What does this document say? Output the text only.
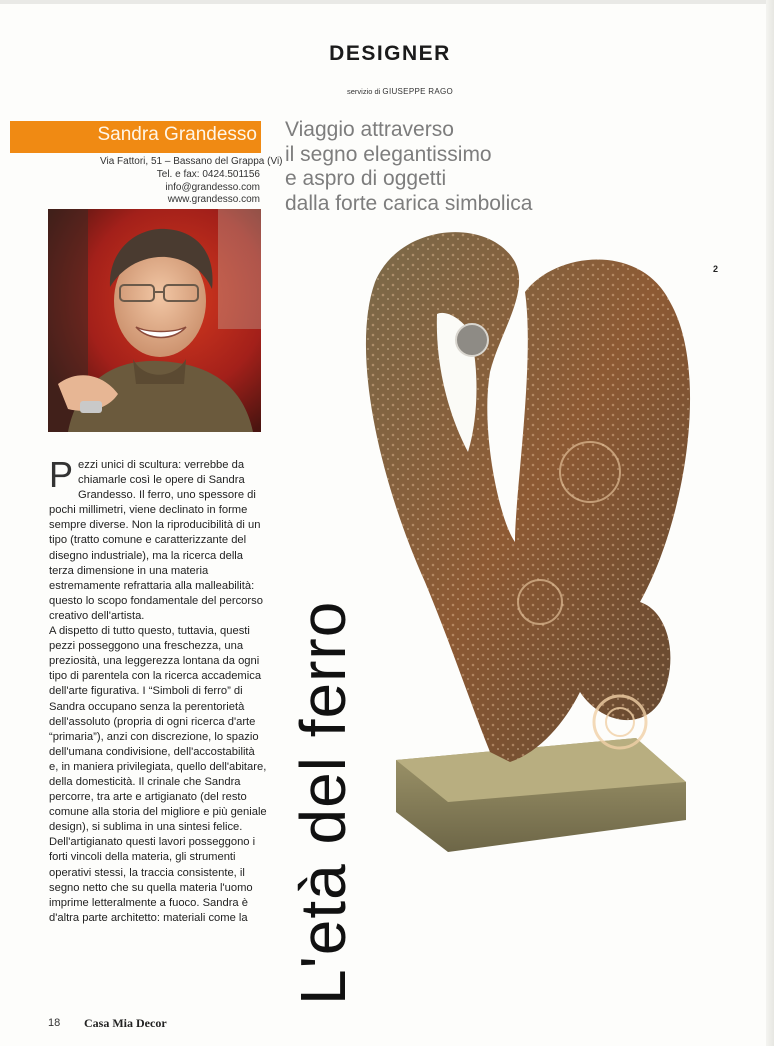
DESIGNER
servizio di GIUSEPPE RAGO
Sandra Grandesso
Via Fattori, 51 – Bassano del Grappa (Vi)
Tel. e fax: 0424.501156
info@grandesso.com
www.grandesso.com
Viaggio attraverso
il segno elegantissimo
e aspro di oggetti
dalla forte carica simbolica
2
L'età del ferro
P ezzi unici di scultura: verrebbe da chiamarle così le opere di Sandra Grandesso. Il ferro, uno spessore di pochi millimetri, viene declinato in forme sempre diverse. Non la riproducibilità di un tipo (tratto comune e caratterizzante del disegno industriale), ma la ricerca della terza dimensione in una materia estremamente refrattaria alla malleabilità: questo lo scopo fondamentale del percorso creativo dell'artista.

A dispetto di tutto questo, tuttavia, questi pezzi posseggono una freschezza, una preziosità, una leggerezza lontana da ogni tipo di parentela con la ricerca accademica dell'arte figurativa. I “Simboli di ferro” di Sandra occupano senza la perentorietà dell'assoluto (propria di ogni ricerca d'arte “primaria”), anzi con discrezione, lo spazio dell'umana condivisione, dell'accostabilità e, in maniera privilegiata, quello dell'abitare, della domesticità. Il crinale che Sandra percorre, tra arte e artigianato (del resto comune alla storia del migliore e più geniale design), si sublima in una sintesi felice. Dell'artigianato questi lavori posseggono i forti vincoli della materia, gli strumenti operativi stessi, la traccia consistente, il segno netto che su quella materia l'uomo imprime letteralmente a fuoco. Sandra è d'altra parte architetto: materiali come la

18 Casa Mia Decor
